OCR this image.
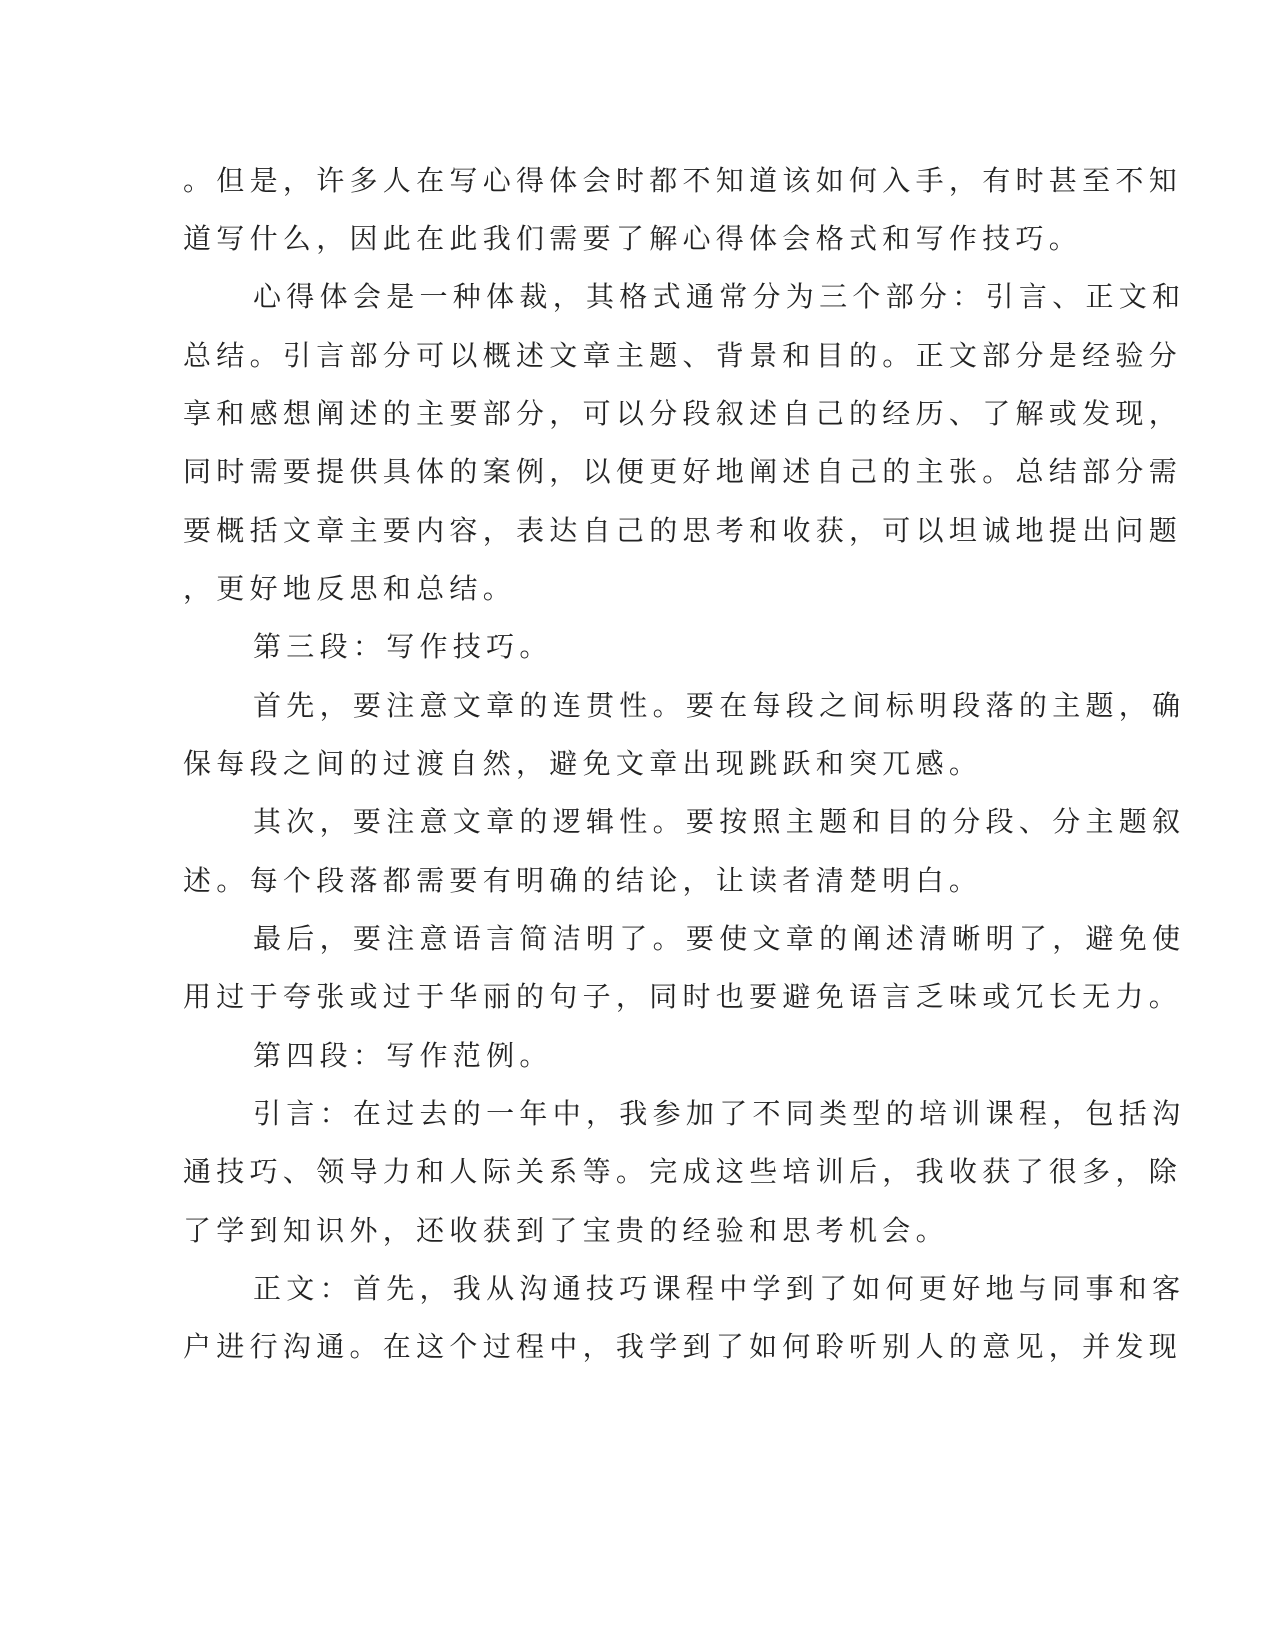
。但是，许多人在写心得体会时都不知道该如何入手，有时甚至不知
道写什么，因此在此我们需要了解心得体会格式和写作技巧。
心得体会是一种体裁，其格式通常分为三个部分：引言、正文和
总结。引言部分可以概述文章主题、背景和目的。正文部分是经验分
享和感想阐述的主要部分，可以分段叙述自己的经历、了解或发现，
同时需要提供具体的案例，以便更好地阐述自己的主张。总结部分需
要概括文章主要内容，表达自己的思考和收获，可以坦诚地提出问题
，更好地反思和总结。
第三段：写作技巧。
首先，要注意文章的连贯性。要在每段之间标明段落的主题，确
保每段之间的过渡自然，避免文章出现跳跃和突兀感。
其次，要注意文章的逻辑性。要按照主题和目的分段、分主题叙
述。每个段落都需要有明确的结论，让读者清楚明白。
最后，要注意语言简洁明了。要使文章的阐述清晰明了，避免使
用过于夸张或过于华丽的句子，同时也要避免语言乏味或冗长无力。
第四段：写作范例。
引言：在过去的一年中，我参加了不同类型的培训课程，包括沟
通技巧、领导力和人际关系等。完成这些培训后，我收获了很多，除
了学到知识外，还收获到了宝贵的经验和思考机会。
正文：首先，我从沟通技巧课程中学到了如何更好地与同事和客
户进行沟通。在这个过程中，我学到了如何聆听别人的意见，并发现
